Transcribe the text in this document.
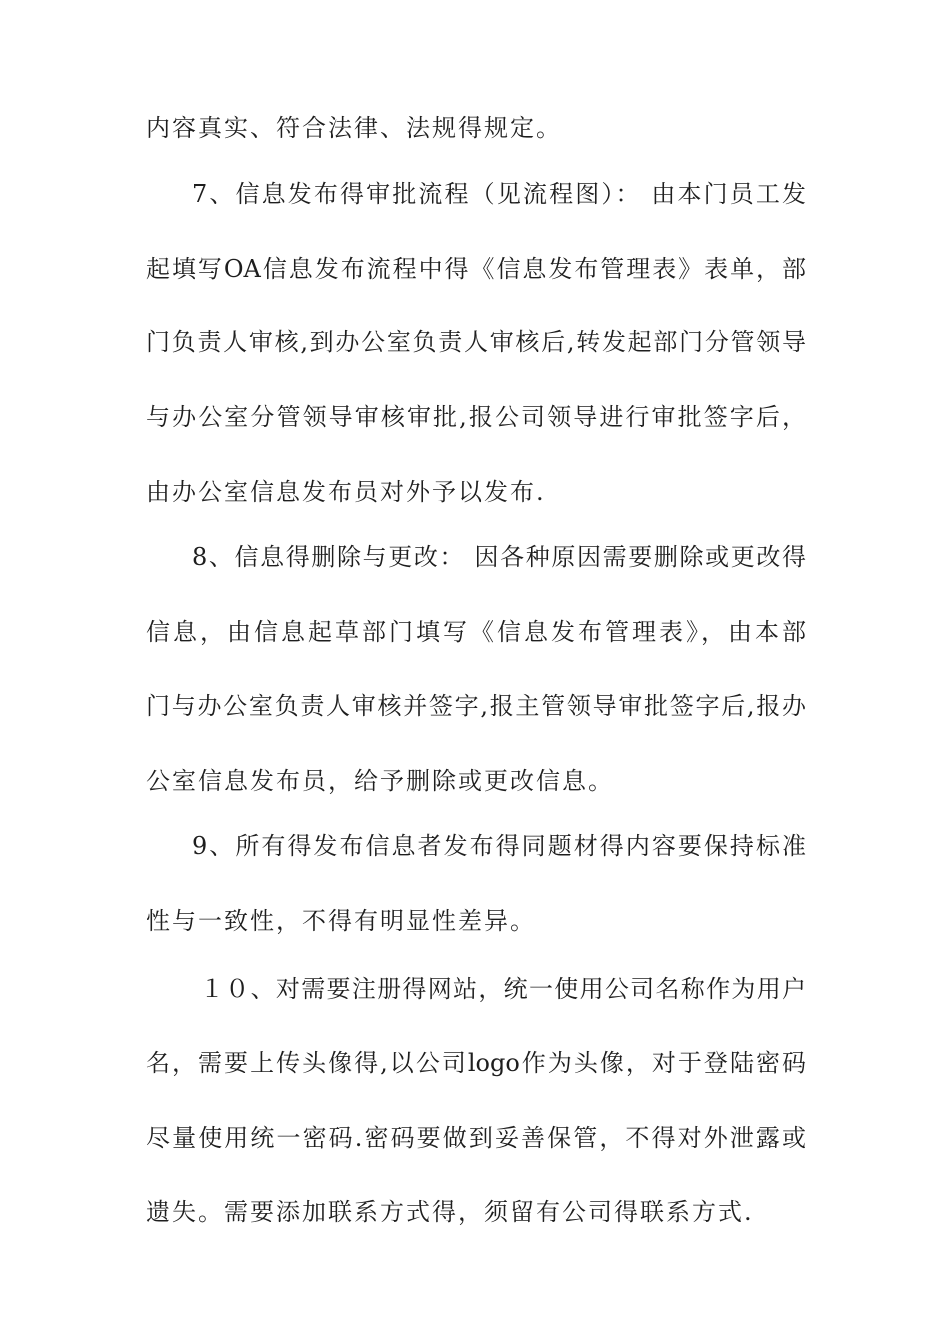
内容真实、符合法律、法规得规定。
7、信息发布得审批流程（见流程图）： 由本门员工发
起填写OA信息发布流程中得《信息发布管理表》表单，部
门负责人审核,到办公室负责人审核后,转发起部门分管领导
与办公室分管领导审核审批,报公司领导进行审批签字后，
由办公室信息发布员对外予以发布.
8、信息得删除与更改： 因各种原因需要删除或更改得
信息，由信息起草部门填写《信息发布管理表》，由本部
门与办公室负责人审核并签字,报主管领导审批签字后,报办
公室信息发布员，给予删除或更改信息。
9、所有得发布信息者发布得同题材得内容要保持标准
性与一致性，不得有明显性差异。
１０、对需要注册得网站，统一使用公司名称作为用户
名，需要上传头像得,以公司logo作为头像，对于登陆密码
尽量使用统一密码.密码要做到妥善保管，不得对外泄露或
遗失。需要添加联系方式得，须留有公司得联系方式.
